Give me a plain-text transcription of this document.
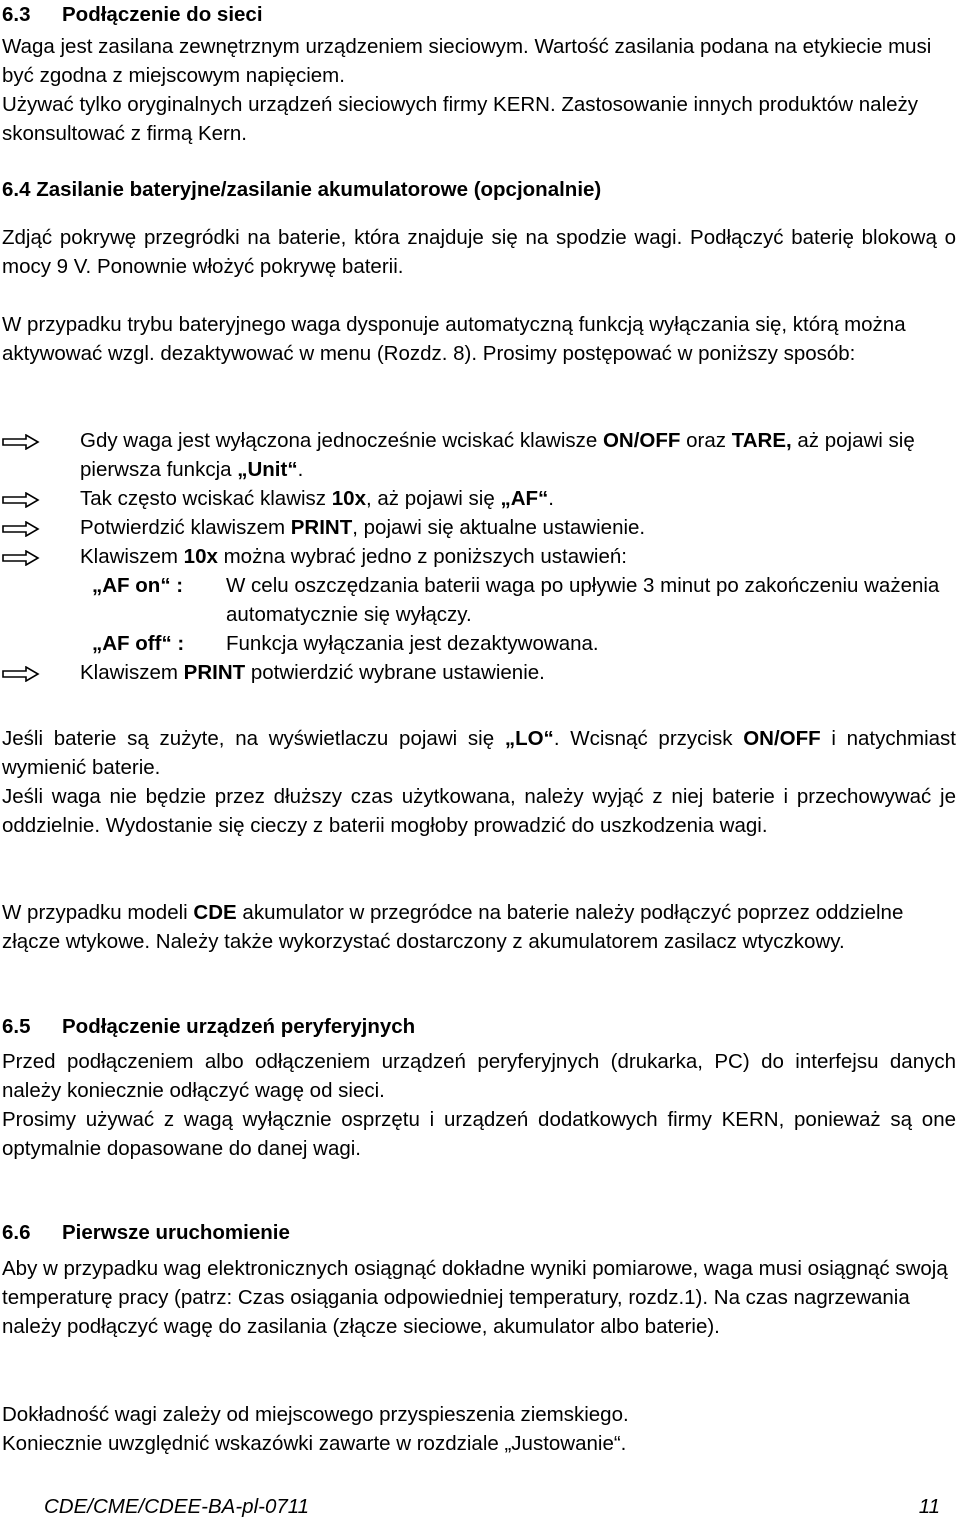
6.3 Podłączenie do sieci

Waga jest zasilana zewnętrznym urządzeniem sieciowym. Wartość zasilania podana na etykiecie musi być zgodna z miejscowym napięciem.

Używać tylko oryginalnych urządzeń sieciowych firmy KERN. Zastosowanie innych produktów należy skonsultować z firmą Kern.

6.4 Zasilanie bateryjne/zasilanie akumulatorowe (opcjonalnie)

Zdjąć pokrywę przegródki na baterie, która znajduje się na spodzie wagi. Podłączyć baterię blokową o mocy 9 V. Ponownie włożyć pokrywę baterii.

W przypadku trybu bateryjnego waga dysponuje automatyczną funkcją wyłączania się, którą można aktywować wzgl. dezaktywować w menu (Rozdz. 8). Prosimy postępować w poniższy sposób:

Gdy waga jest wyłączona jednocześnie wciskać klawisze ON/OFF oraz TARE, aż pojawi się pierwsza funkcja „Unit“.
Tak często wciskać klawisz 10x, aż pojawi się „AF“.
Potwierdzić klawiszem PRINT, pojawi się aktualne ustawienie.
Klawiszem 10x można wybrać jedno z poniższych ustawień:
„AF on“ : W celu oszczędzania baterii waga po upływie 3 minut po zakończeniu ważenia automatycznie się wyłączy.
„AF off“ : Funkcja wyłączania jest dezaktywowana.
Klawiszem PRINT potwierdzić wybrane ustawienie.

Jeśli baterie są zużyte, na wyświetlaczu pojawi się „LO“. Wcisnąć przycisk ON/OFF i natychmiast wymienić baterie.

Jeśli waga nie będzie przez dłuższy czas użytkowana, należy wyjąć z niej baterie i przechowywać je oddzielnie. Wydostanie się cieczy z baterii mogłoby prowadzić do uszkodzenia wagi.

W przypadku modeli CDE akumulator w przegródce na baterie należy podłączyć poprzez oddzielne złącze wtykowe. Należy także wykorzystać dostarczony z akumulatorem zasilacz wtyczkowy.

6.5 Podłączenie urządzeń peryferyjnych

Przed podłączeniem albo odłączeniem urządzeń peryferyjnych (drukarka, PC) do interfejsu danych należy koniecznie odłączyć wagę od sieci.

Prosimy używać z wagą wyłącznie osprzętu i urządzeń dodatkowych firmy KERN, ponieważ są one optymalnie dopasowane do danej wagi.

6.6 Pierwsze uruchomienie

Aby w przypadku wag elektronicznych osiągnąć dokładne wyniki pomiarowe, waga musi osiągnąć swoją temperaturę pracy (patrz: Czas osiągania odpowiedniej temperatury, rozdz.1). Na czas nagrzewania należy podłączyć wagę do zasilania (złącze sieciowe, akumulator albo baterie).

Dokładność wagi zależy od miejscowego przyspieszenia ziemskiego.

Koniecznie uwzględnić wskazówki zawarte w rozdziale „Justowanie“.

CDE/CME/CDEE-BA-pl-0711	11
